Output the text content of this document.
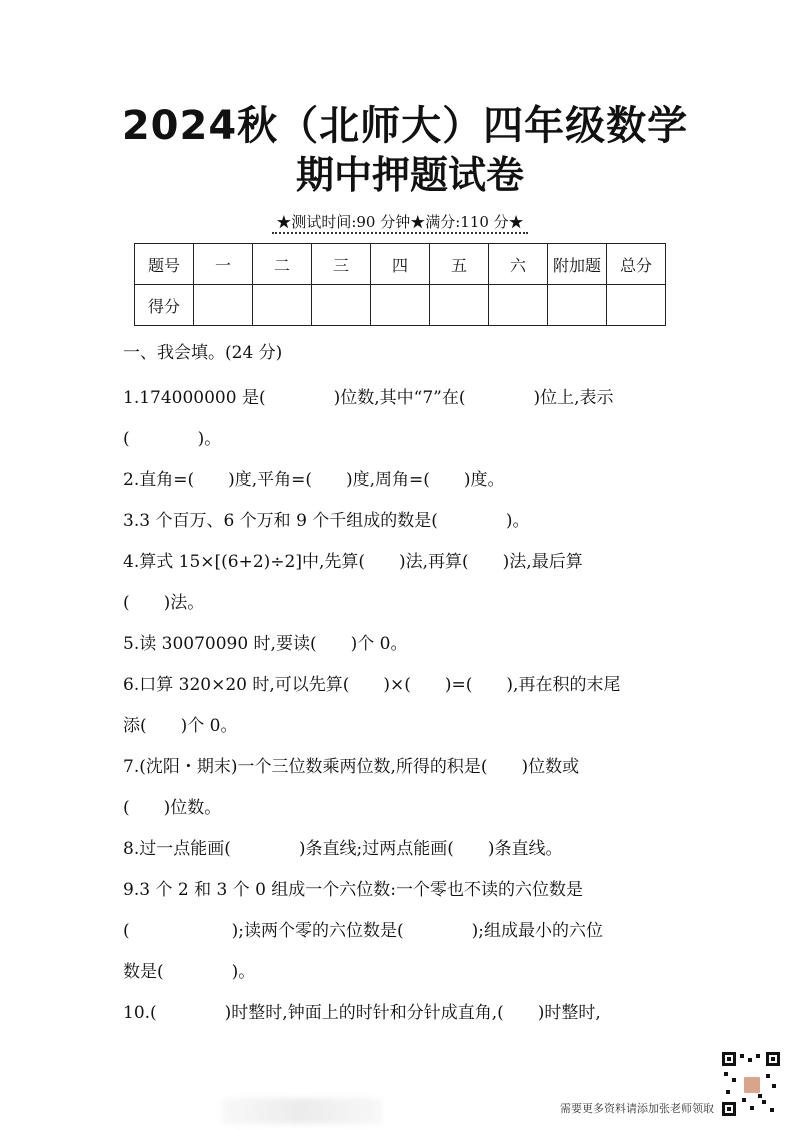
2024秋（北师大）四年级数学
期中押题试卷
★测试时间:90 分钟★满分:110 分★
题号	一	二	三	四	五	六	附加题	总分
得分								
一、我会填。(24 分)
1.174000000 是(　　　　)位数,其中“7”在(　　　　)位上,表示
(　　　　)。
2.直角=(　　)度,平角=(　　)度,周角=(　　)度。
3.3 个百万、6 个万和 9 个千组成的数是(　　　　)。
4.算式 15×[(6+2)÷2]中,先算(　　)法,再算(　　)法,最后算
(　　)法。
5.读 30070090 时,要读(　　)个 0。
6.口算 320×20 时,可以先算(　　)×(　　)=(　　),再在积的末尾
添(　　)个 0。
7.(沈阳・期末)一个三位数乘两位数,所得的积是(　　)位数或
(　　)位数。
8.过一点能画(　　　　)条直线;过两点能画(　　)条直线。
9.3 个 2 和 3 个 0 组成一个六位数:一个零也不读的六位数是
(　　　　　　);读两个零的六位数是(　　　　);组成最小的六位
数是(　　　　)。
10.(　　　　)时整时,钟面上的时针和分针成直角,(　　)时整时,
需要更多资料请添加张老师领取
